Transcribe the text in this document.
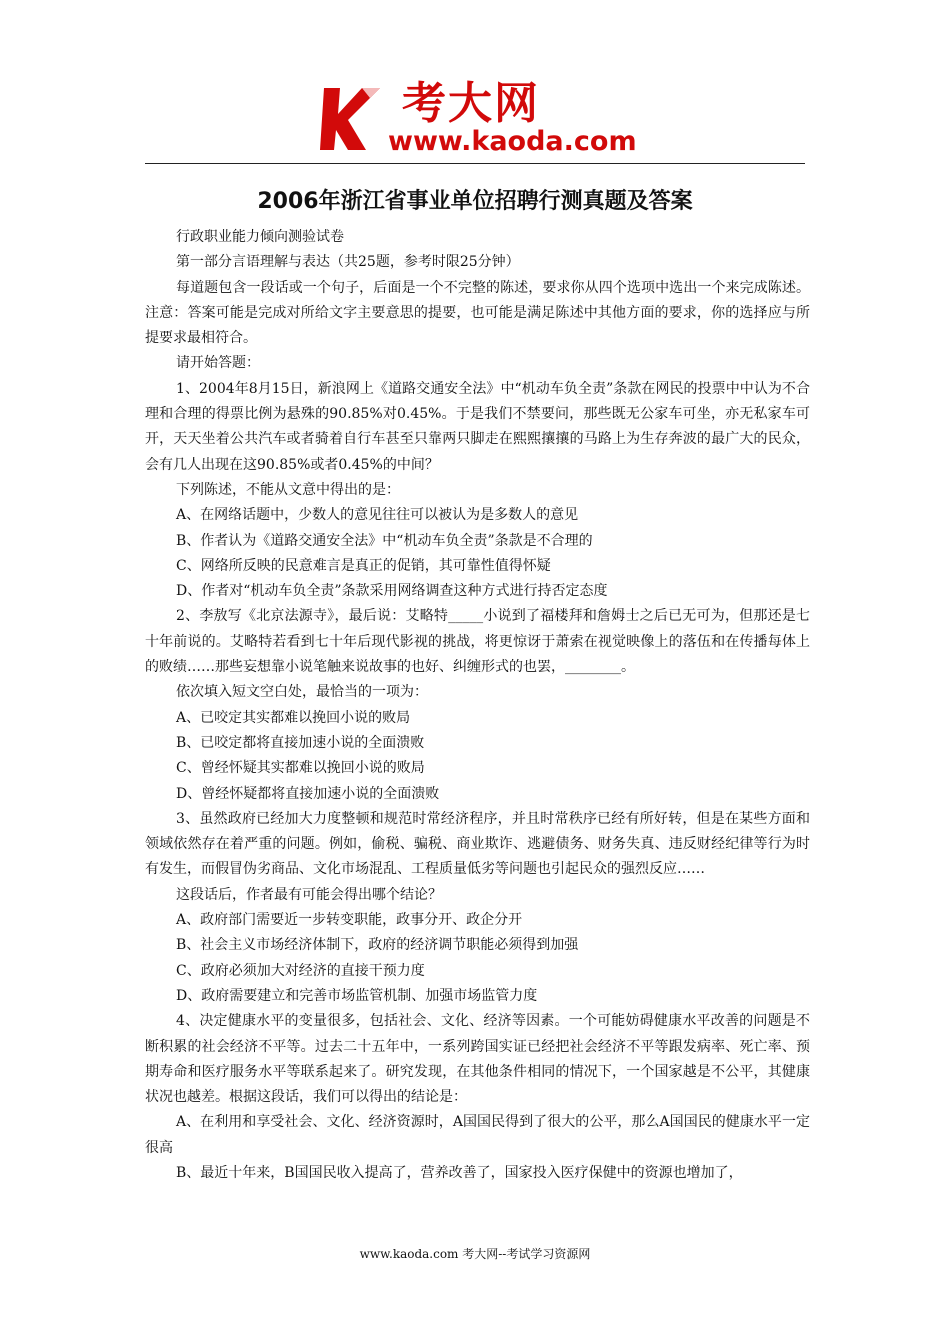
考大网
www.kaoda.com
2006年浙江省事业单位招聘行测真题及答案

行政职业能力倾向测验试卷

第一部分言语理解与表达（共25题，参考时限25分钟）

每道题包含一段话或一个句子，后面是一个不完整的陈述，要求你从四个选项中选出一个来完成陈述。注意：答案可能是完成对所给文字主要意思的提要，也可能是满足陈述中其他方面的要求，你的选择应与所提要求最相符合。

请开始答题：

1、2004年8月15日，新浪网上《道路交通安全法》中“机动车负全责”条款在网民的投票中中认为不合理和合理的得票比例为悬殊的90.85%对0.45%。于是我们不禁要问，那些既无公家车可坐，亦无私家车可开，天天坐着公共汽车或者骑着自行车甚至只靠两只脚走在熙熙攘攘的马路上为生存奔波的最广大的民众，会有几人出现在这90.85%或者0.45%的中间？

下列陈述，不能从文意中得出的是：

A、在网络话题中，少数人的意见往往可以被认为是多数人的意见

B、作者认为《道路交通安全法》中“机动车负全责”条款是不合理的

C、网络所反映的民意难言是真正的促销，其可靠性值得怀疑

D、作者对“机动车负全责”条款采用网络调查这种方式进行持否定态度

2、李敖写《北京法源寺》，最后说：艾略特_____小说到了福楼拜和詹姆士之后已无可为，但那还是七十年前说的。艾略特若看到七十年后现代影视的挑战，将更惊讶于萧索在视觉映像上的落伍和在传播每体上的败绩……那些妄想靠小说笔触来说故事的也好、纠缠形式的也罢，________。

依次填入短文空白处，最恰当的一项为：

A、已咬定其实都难以挽回小说的败局

B、已咬定都将直接加速小说的全面溃败

C、曾经怀疑其实都难以挽回小说的败局

D、曾经怀疑都将直接加速小说的全面溃败

3、虽然政府已经加大力度整顿和规范时常经济程序，并且时常秩序已经有所好转，但是在某些方面和领域依然存在着严重的问题。例如，偷税、骗税、商业欺诈、逃避债务、财务失真、违反财经纪律等行为时有发生，而假冒伪劣商品、文化市场混乱、工程质量低劣等问题也引起民众的强烈反应……

这段话后，作者最有可能会得出哪个结论？

A、政府部门需要近一步转变职能，政事分开、政企分开

B、社会主义市场经济体制下，政府的经济调节职能必须得到加强

C、政府必须加大对经济的直接干预力度

D、政府需要建立和完善市场监管机制、加强市场监管力度

4、决定健康水平的变量很多，包括社会、文化、经济等因素。一个可能妨碍健康水平改善的问题是不断积累的社会经济不平等。过去二十五年中，一系列跨国实证已经把社会经济不平等跟发病率、死亡率、预期寿命和医疗服务水平等联系起来了。研究发现，在其他条件相同的情况下，一个国家越是不公平，其健康状况也越差。根据这段话，我们可以得出的结论是：

A、在利用和享受社会、文化、经济资源时，A国国民得到了很大的公平，那么A国国民的健康水平一定很高

B、最近十年来，B国国民收入提高了，营养改善了，国家投入医疗保健中的资源也增加了，

www.kaoda.com 考大网--考试学习资源网
